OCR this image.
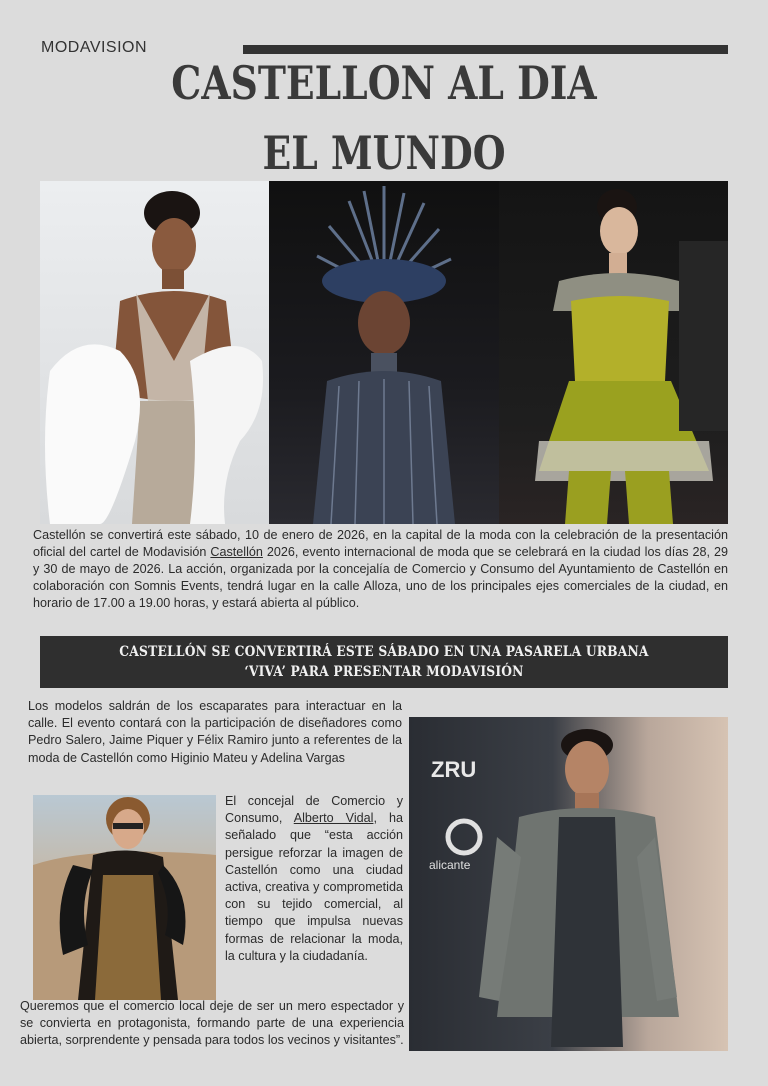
MODAVISION
CASTELLON AL DIA
EL MUNDO
Castellón se convertirá este sábado, 10 de enero de 2026, en la capital de la moda con la celebración de la presentación oficial del cartel de Modavisión Castellón 2026, evento internacional de moda que se celebrará en la ciudad los días 28, 29 y 30 de mayo de 2026. La acción, organizada por la concejalía de Comercio y Consumo del Ayuntamiento de Castellón en colaboración con Somnis Events, tendrá lugar en la calle Alloza, uno de los principales ejes comerciales de la ciudad, en horario de 17.00 a 19.00 horas, y estará abierta al público.
CASTELLÓN SE CONVERTIRÁ ESTE SÁBADO EN UNA PASARELA URBANA ‘VIVA’ PARA PRESENTAR MODAVISIÓN
Los modelos saldrán de los escaparates para interactuar en la calle. El evento contará con la participación de diseñadores como Pedro Salero, Jaime Piquer y Félix Ramiro junto a referentes de la moda de Castellón como Higinio Mateu y Adelina Vargas
El concejal de Comercio y Consumo, Alberto Vidal, ha señalado que “esta acción persigue reforzar la imagen de Castellón como una ciudad activa, creativa y comprometida con su tejido comercial, al tiempo que impulsa nuevas formas de relacionar la moda, la cultura y la ciudadanía.
Queremos que el comercio local deje de ser un mero espectador y se convierta en protagonista, formando parte de una experiencia abierta, sorprendente y pensada para todos los vecinos y visitantes”.
ZRU
alicante
